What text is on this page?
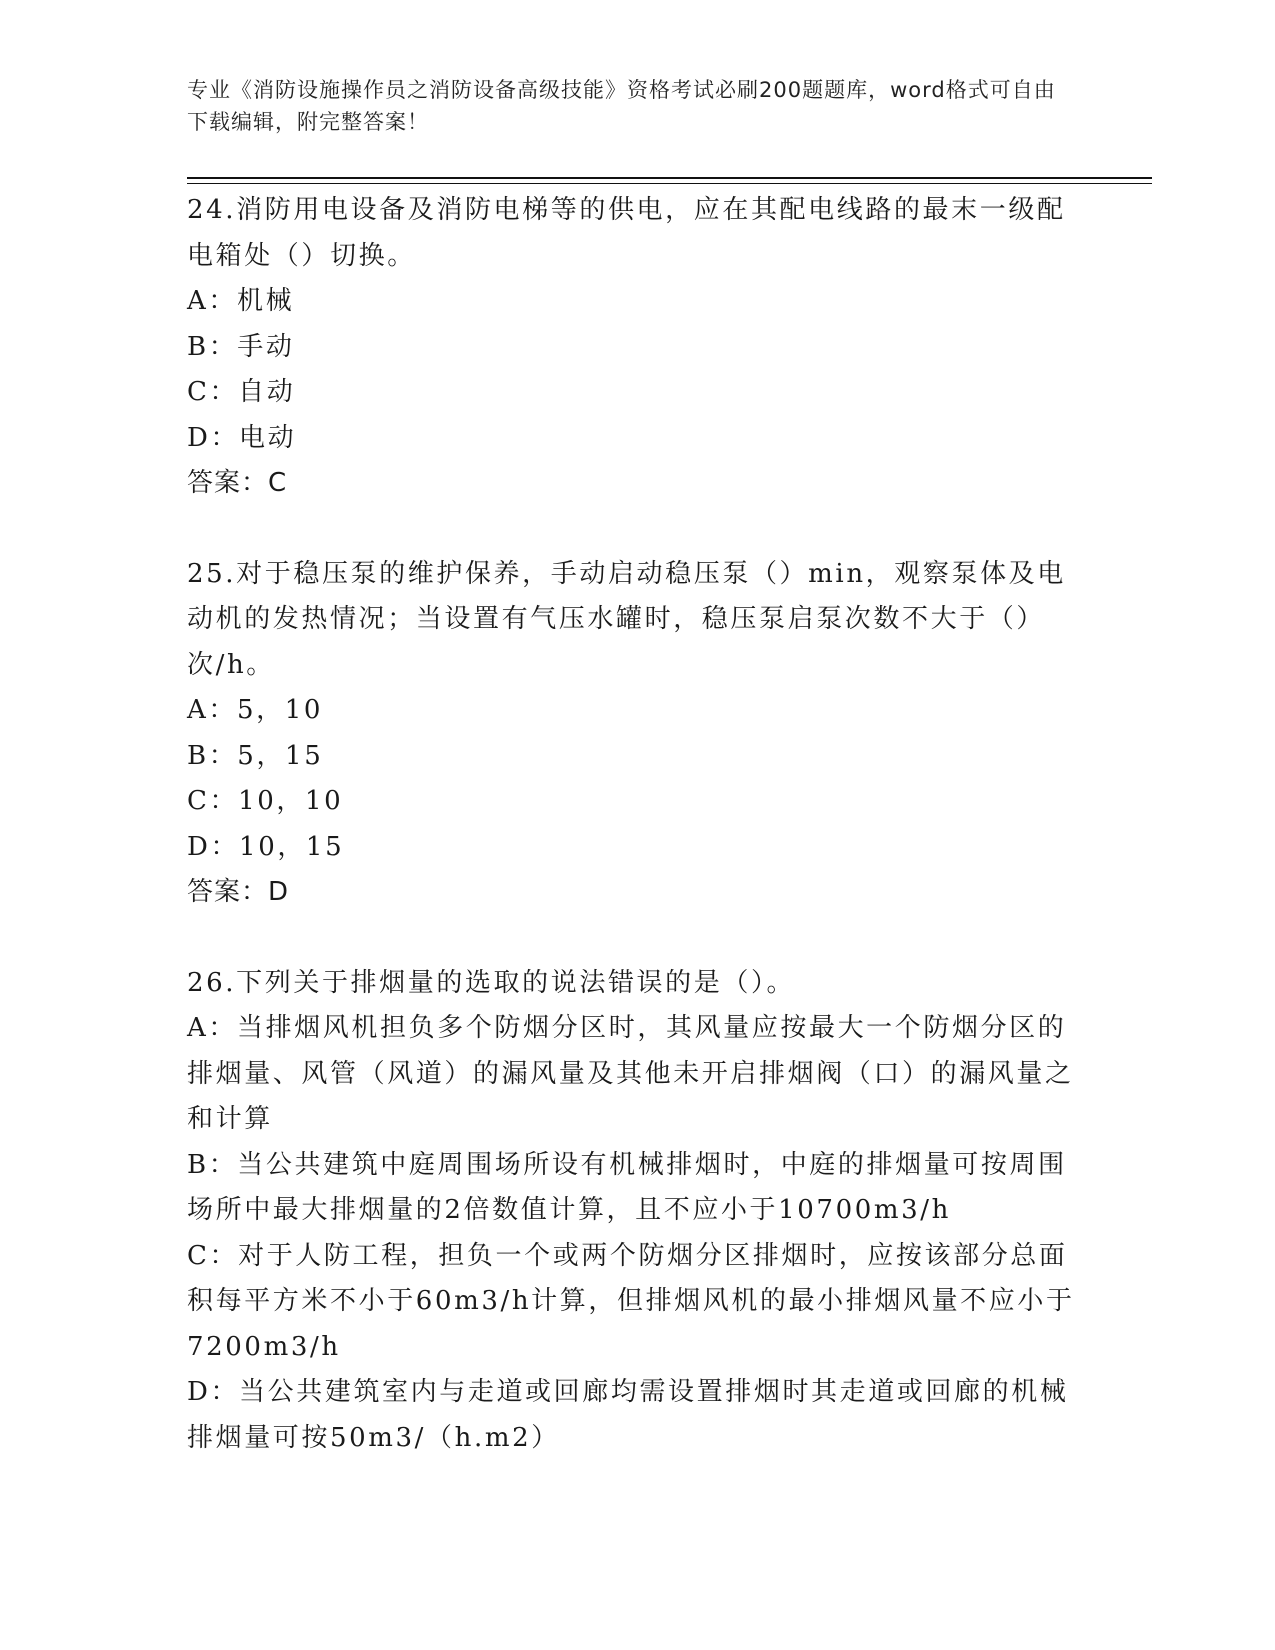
专业《消防设施操作员之消防设备高级技能》资格考试必刷200题题库，word格式可自由下载编辑，附完整答案！
24.消防用电设备及消防电梯等的供电，应在其配电线路的最末一级配电箱处（）切换。
A：机械
B：手动
C：自动
D：电动
答案：C
25.对于稳压泵的维护保养，手动启动稳压泵（）min，观察泵体及电动机的发热情况；当设置有气压水罐时，稳压泵启泵次数不大于（）次/h。
A：5，10
B：5，15
C：10，10
D：10，15
答案：D
26.下列关于排烟量的选取的说法错误的是（）。
A：当排烟风机担负多个防烟分区时，其风量应按最大一个防烟分区的排烟量、风管（风道）的漏风量及其他未开启排烟阀（口）的漏风量之和计算
B：当公共建筑中庭周围场所设有机械排烟时，中庭的排烟量可按周围场所中最大排烟量的2倍数值计算，且不应小于10700m3/h
C：对于人防工程，担负一个或两个防烟分区排烟时，应按该部分总面积每平方米不小于60m3/h计算，但排烟风机的最小排烟风量不应小于7200m3/h
D：当公共建筑室内与走道或回廊均需设置排烟时其走道或回廊的机械排烟量可按50m3/（h.m2）
